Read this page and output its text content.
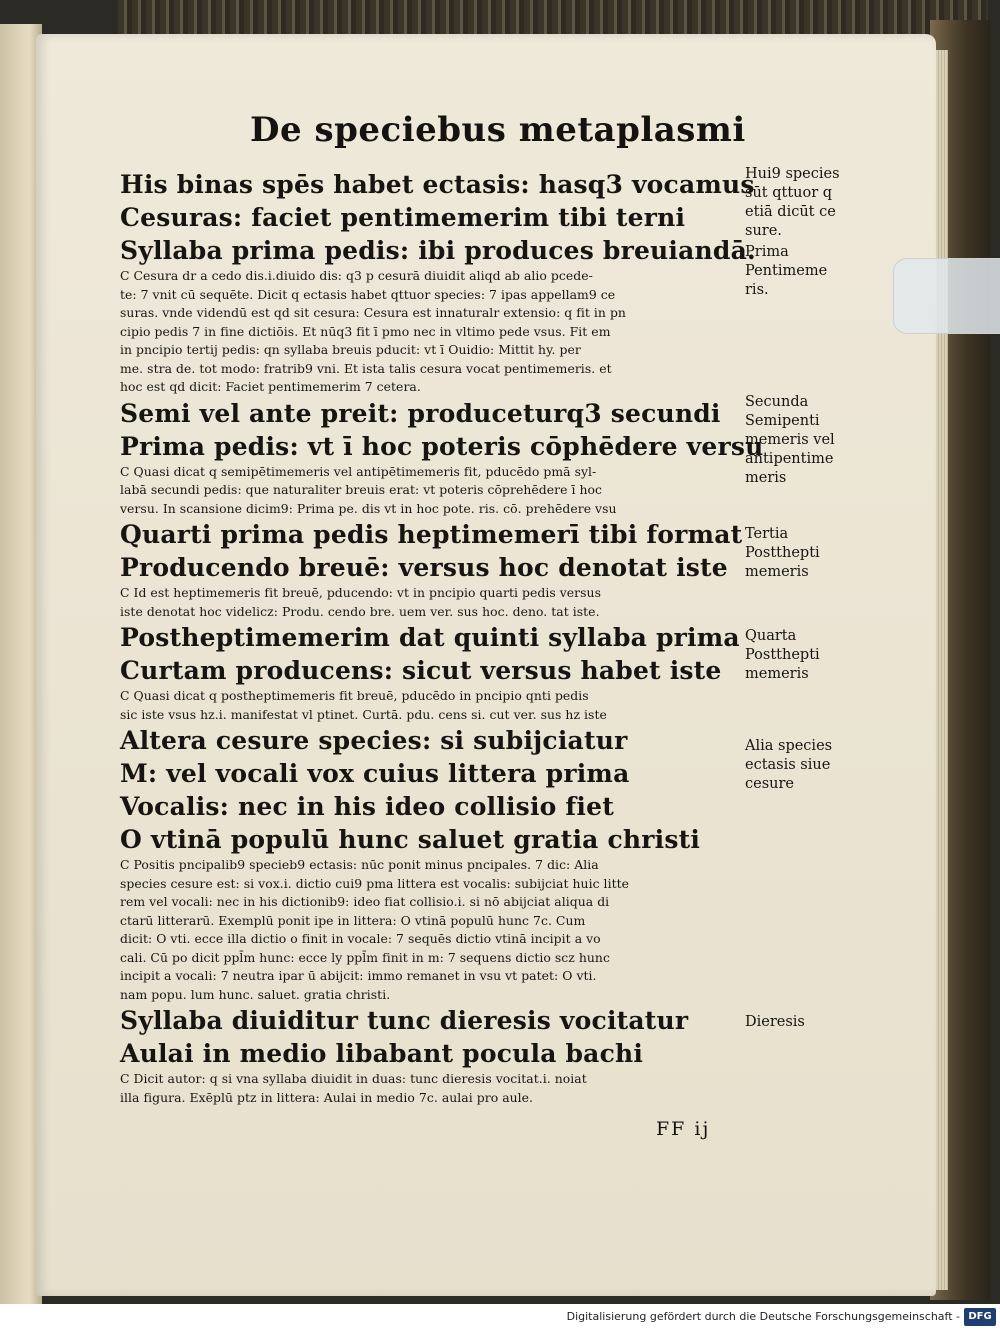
De speciebus metaplasmi
His binas spēs habet ectasis: hasq3 vocamus
Cesuras: faciet pentimemerim tibi terni
Syllaba prima pedis: ibi produces breuiandā.
C Cesura dr a cedo dis.i.diuido dis: q3 p cesurā diuidit aliqd ab alio pcede-
te: 7 vnit cū sequēte. Dicit q ectasis habet qttuor species: 7 ipas appellam9 ce
suras. vnde videndū est qd sit cesura: Cesura est innaturalr extensio: q fit in pn
cipio pedis 7 in fine dictiōis. Et nūq3 fit ī pmo nec in vltimo pede vsus. Fit em
in pncipio tertij pedis: qn syllaba breuis pducit: vt ī Ouidio: Mittit hy. per
me. stra de. tot modo: fratrib9 vni. Et ista talis cesura vocat pentimemeris. et
hoc est qd dicit: Faciet pentimemerim 7 cetera.
Semi vel ante preit: produceturq3 secundi
Prima pedis: vt ī hoc poteris cōphēdere versu
C Quasi dicat q semipētimemeris vel antipētimemeris fit, pducēdo pmā syl-
labā secundi pedis: que naturaliter breuis erat: vt poteris cōprehēdere ī hoc
versu. In scansione dicim9: Prima pe. dis vt in hoc pote. ris. cō. prehēdere vsu
Quarti prima pedis heptimemerī tibi format
Producendo breuē: versus hoc denotat iste
C Id est heptimemeris fit breuē, pducendo: vt in pncipio quarti pedis versus
iste denotat hoc videlicz: Produ. cendo bre. uem ver. sus hoc. deno. tat iste.
Postheptimemerim dat quinti syllaba prima
Curtam producens: sicut versus habet iste
C Quasi dicat q postheptimemeris fit breuē, pducēdo in pncipio qnti pedis
sic iste vsus hz.i. manifestat vl ptinet. Curtā. pdu. cens si. cut ver. sus hz iste
Altera cesure species: si subijciatur
M: vel vocali vox cuius littera prima
Vocalis: nec in his ideo collisio fiet
O vtinā populū hunc saluet gratia christi
C Positis pncipalib9 specieb9 ectasis: nūc ponit minus pncipales. 7 dic: Alia
species cesure est: si vox.i. dictio cui9 pma littera est vocalis: subijciat huic litte
rem vel vocali: nec in his dictionib9: ideo fiat collisio.i. si nō abijciat aliqua di
ctarū litterarū. Exemplū ponit ipe in littera: O vtinā populū hunc 7c. Cum
dicit: O vti. ecce illa dictio o finit in vocale: 7 sequēs dictio vtinā incipit a vo
cali. Cū po dicit ppl̄m hunc: ecce ly ppl̄m finit in m: 7 sequens dictio scz hunc
incipit a vocali: 7 neutra ipar ū abijcit: immo remanet in vsu vt patet: O vti.
nam popu. lum hunc. saluet. gratia christi.
Syllaba diuiditur tunc dieresis vocitatur
Aulai in medio libabant pocula bachi
C Dicit autor: q si vna syllaba diuidit in duas: tunc dieresis vocitat.i. noiat
illa figura. Exēplū ptz in littera: Aulai in medio 7c. aulai pro aule.
Hui9 species
sūt qttuor q
etiā dicūt ce
sure.
Prima
Pentimeme
ris.
Secunda
Semipenti
memeris vel
antipentime
meris
Tertia
Postthepti
memeris
Quarta
Postthepti
memeris
Alia species
ectasis siue
cesure
Dieresis
FF ij
Digitalisierung gefördert durch die Deutsche Forschungsgemeinschaft - DFG
